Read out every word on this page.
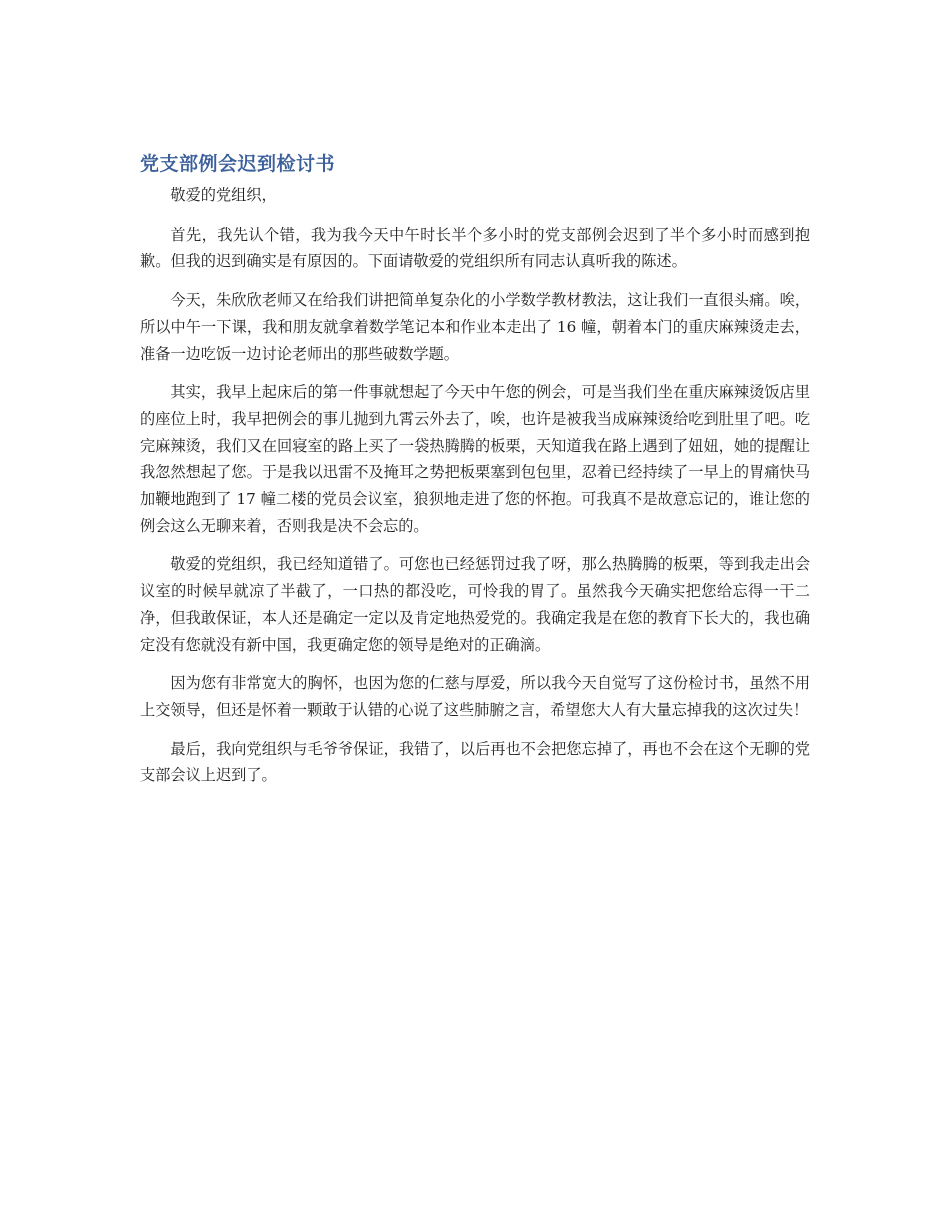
党支部例会迟到检讨书

敬爱的党组织，

首先，我先认个错，我为我今天中午时长半个多小时的党支部例会迟到了半个多小时而感到抱歉。但我的迟到确实是有原因的。下面请敬爱的党组织所有同志认真听我的陈述。

今天，朱欣欣老师又在给我们讲把简单复杂化的小学数学教材教法，这让我们一直很头痛。唉，所以中午一下课，我和朋友就拿着数学笔记本和作业本走出了 16 幢，朝着本门的重庆麻辣烫走去，准备一边吃饭一边讨论老师出的那些破数学题。

其实，我早上起床后的第一件事就想起了今天中午您的例会，可是当我们坐在重庆麻辣烫饭店里的座位上时，我早把例会的事儿抛到九霄云外去了，唉，也许是被我当成麻辣烫给吃到肚里了吧。吃完麻辣烫，我们又在回寝室的路上买了一袋热腾腾的板栗，天知道我在路上遇到了妞妞，她的提醒让我忽然想起了您。于是我以迅雷不及掩耳之势把板栗塞到包包里，忍着已经持续了一早上的胃痛快马加鞭地跑到了 17 幢二楼的党员会议室，狼狈地走进了您的怀抱。可我真不是故意忘记的，谁让您的例会这么无聊来着，否则我是决不会忘的。

敬爱的党组织，我已经知道错了。可您也已经惩罚过我了呀，那么热腾腾的板栗，等到我走出会议室的时候早就凉了半截了，一口热的都没吃，可怜我的胃了。虽然我今天确实把您给忘得一干二净，但我敢保证，本人还是确定一定以及肯定地热爱党的。我确定我是在您的教育下长大的，我也确定没有您就没有新中国，我更确定您的领导是绝对的正确滴。

因为您有非常宽大的胸怀，也因为您的仁慈与厚爱，所以我今天自觉写了这份检讨书，虽然不用上交领导，但还是怀着一颗敢于认错的心说了这些肺腑之言，希望您大人有大量忘掉我的这次过失！

最后，我向党组织与毛爷爷保证，我错了，以后再也不会把您忘掉了，再也不会在这个无聊的党支部会议上迟到了。
